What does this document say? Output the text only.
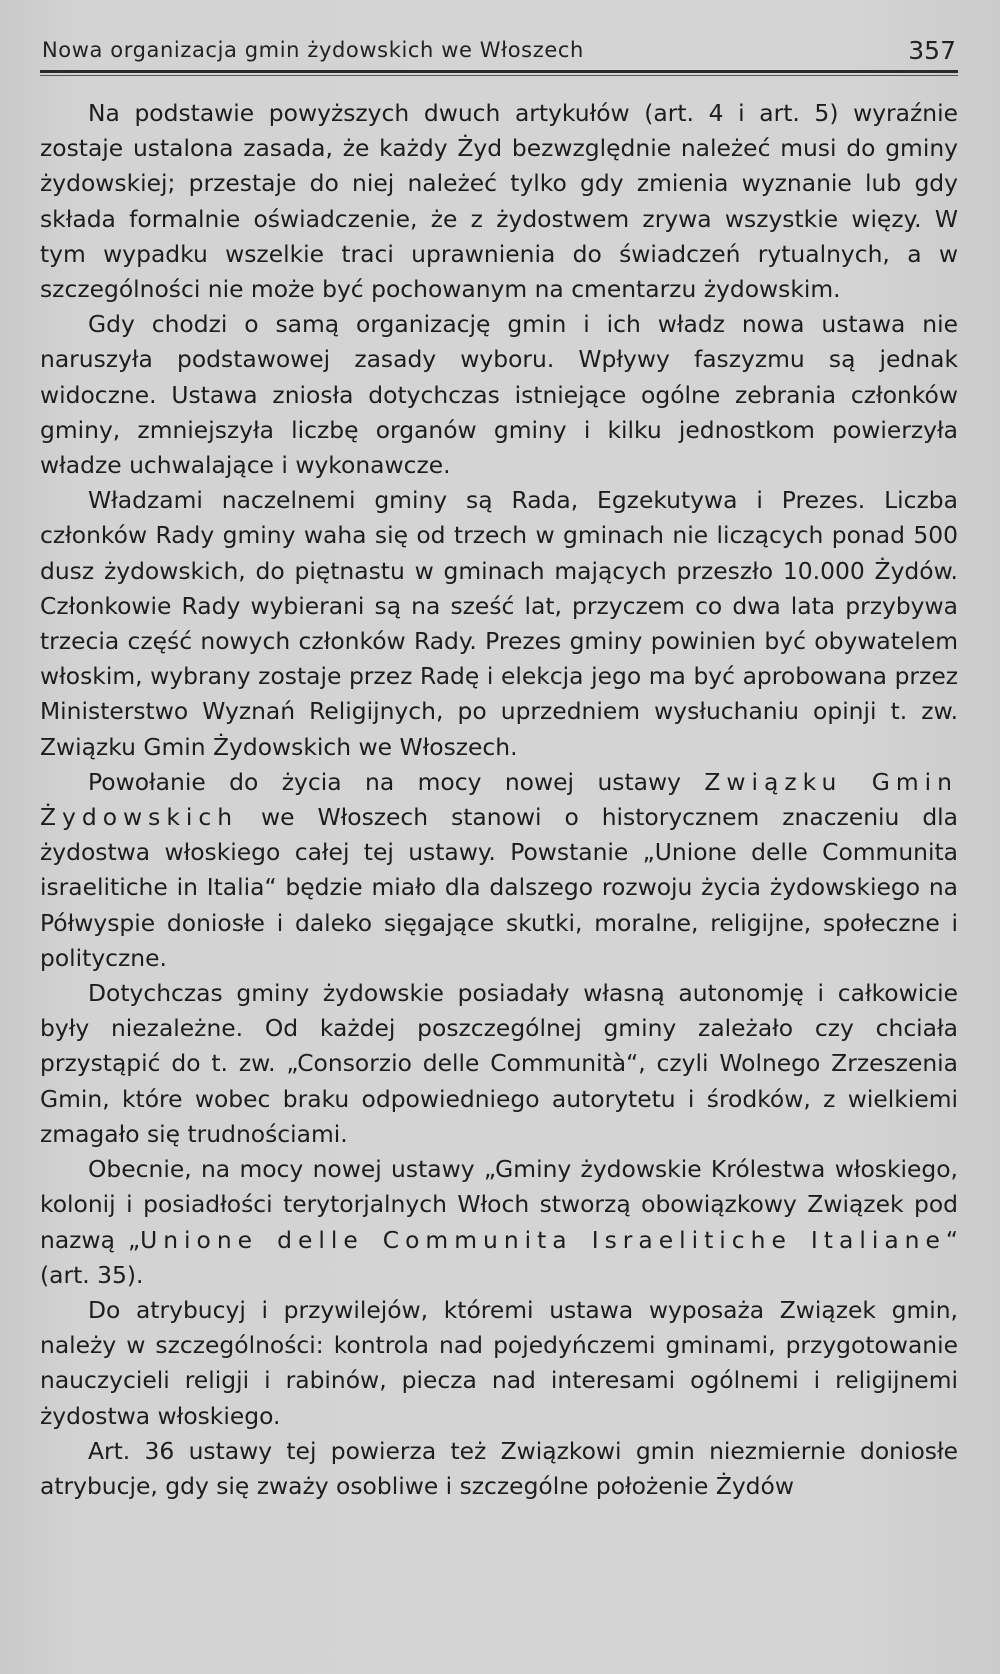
Nowa organizacja gmin żydowskich we Włoszech	357

Na podstawie powyższych dwuch artykułów (art. 4 i art. 5) wyraźnie zostaje ustalona zasada, że każdy Żyd bezwzględnie należeć musi do gminy żydowskiej; przestaje do niej należeć tylko gdy zmienia wyznanie lub gdy składa formalnie oświadczenie, że z żydostwem zrywa wszystkie więzy. W tym wypadku wszelkie traci uprawnienia do świadczeń rytualnych, a w szczególności nie może być pochowanym na cmentarzu żydowskim.

Gdy chodzi o samą organizację gmin i ich władz nowa ustawa nie naruszyła podstawowej zasady wyboru. Wpływy faszyzmu są jednak widoczne. Ustawa zniosła dotychczas istniejące ogólne zebrania członków gminy, zmniejszyła liczbę organów gminy i kilku jednostkom powierzyła władze uchwalające i wykonawcze.

Władzami naczelnemi gminy są Rada, Egzekutywa i Prezes. Liczba członków Rady gminy waha się od trzech w gminach nie liczących ponad 500 dusz żydowskich, do piętnastu w gminach mających przeszło 10.000 Żydów. Członkowie Rady wybierani są na sześć lat, przyczem co dwa lata przybywa trzecia część nowych członków Rady. Prezes gminy powinien być obywatelem włoskim, wybrany zostaje przez Radę i elekcja jego ma być aprobowana przez Ministerstwo Wyznań Religijnych, po uprzedniem wysłuchaniu opinji t. zw. Związku Gmin Żydowskich we Włoszech.

Powołanie do życia na mocy nowej ustawy Związku Gmin Żydowskich we Włoszech stanowi o historycznem znaczeniu dla żydostwa włoskiego całej tej ustawy. Powstanie „Unione delle Communita israelitiche in Italia“ będzie miało dla dalszego rozwoju życia żydowskiego na Półwyspie doniosłe i daleko sięgające skutki, moralne, religijne, społeczne i polityczne.

Dotychczas gminy żydowskie posiadały własną autonomję i całkowicie były niezależne. Od każdej poszczególnej gminy zależało czy chciała przystąpić do t. zw. „Consorzio delle Communità“, czyli Wolnego Zrzeszenia Gmin, które wobec braku odpowiedniego autorytetu i środków, z wielkiemi zmagało się trudnościami.

Obecnie, na mocy nowej ustawy „Gminy żydowskie Królestwa włoskiego, kolonij i posiadłości terytorjalnych Włoch stworzą obowiązkowy Związek pod nazwą „Unione delle Communita Israelitiche Italiane“ (art. 35).

Do atrybucyj i przywilejów, któremi ustawa wyposaża Związek gmin, należy w szczególności: kontrola nad pojedyńczemi gminami, przygotowanie nauczycieli religji i rabinów, piecza nad interesami ogólnemi i religijnemi żydostwa włoskiego.

Art. 36 ustawy tej powierza też Związkowi gmin niezmiernie doniosłe atrybucje, gdy się zważy osobliwe i szczególne położenie Żydów
